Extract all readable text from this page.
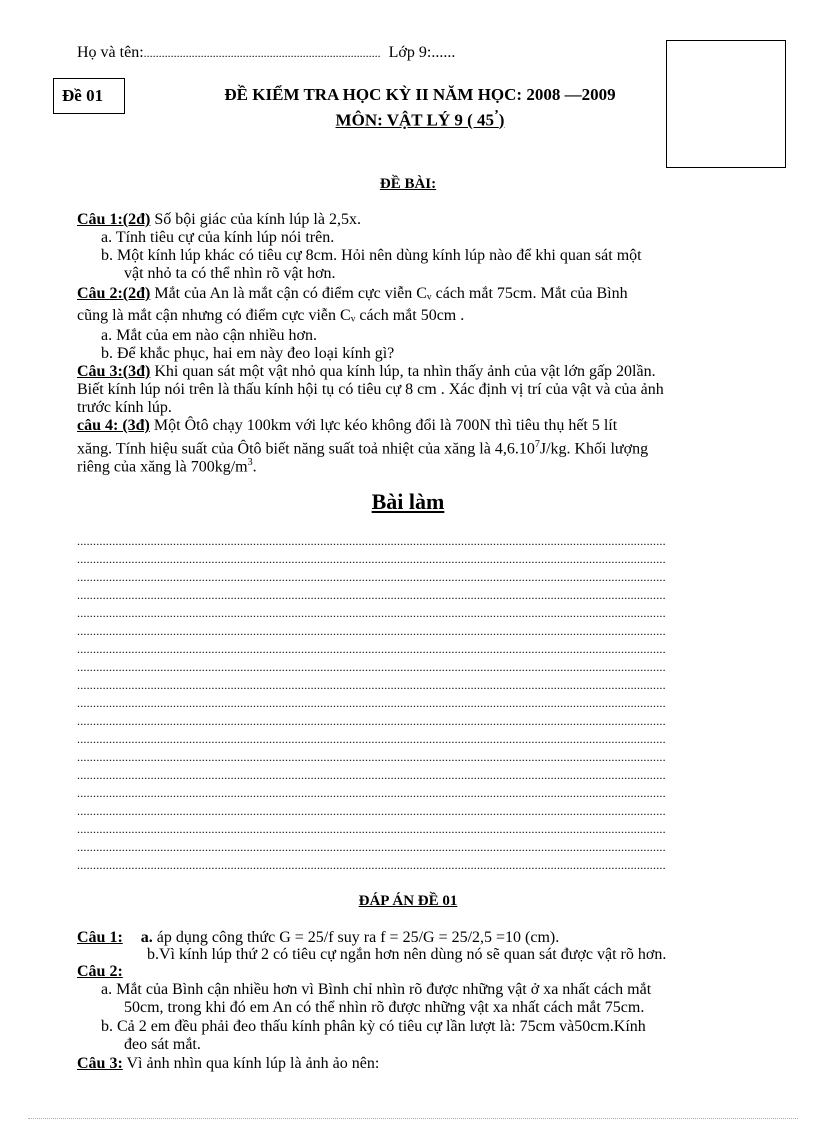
Họ và tên:............................................................................... Lớp 9:......
Đề 01	ĐỀ KIỂM TRA HỌC KỲ II NĂM HỌC: 2008 —2009
MÔN: VẬT LÝ 9 ( 45’)
ĐỀ BÀI:
Câu 1:(2đ) Số bội giác của kính lúp là 2,5x.
a. Tính tiêu cự của kính lúp nói trên.
b. Một kính lúp khác có tiêu cự 8cm. Hỏi nên dùng kính lúp nào để khi quan sát một
vật nhỏ ta có thể nhìn rõ vật hơn.
Câu 2:(2đ) Mắt của An là mắt cận có điểm cực viễn Cᵥ cách mắt 75cm. Mắt của Bình
cũng là mắt cận nhưng có điểm cực viễn Cᵥ cách mắt 50cm .
a. Mắt của em nào cận nhiều hơn.
b. Để khắc phục, hai em này đeo loại kính gì?
Câu 3:(3đ) Khi quan sát một vật nhỏ qua kính lúp, ta nhìn thấy ảnh của vật lớn gấp 20lần.
Biết kính lúp nói trên là thấu kính hội tụ có tiêu cự 8 cm . Xác định vị trí của vật và của ảnh
trước kính lúp.
câu 4: (3đ) Một Ôtô chạy 100km với lực kéo không đổi là 700N thì tiêu thụ hết 5 lít
xăng. Tính hiệu suất của Ôtô biết năng suất toả nhiệt của xăng là 4,6.10$^7$J/kg. Khối lượng
riêng của xăng là $700kg/m^3$.
Bài làm
........................................................................................................................................................................................
........................................................................................................................................................................................
........................................................................................................................................................................................
........................................................................................................................................................................................
........................................................................................................................................................................................
........................................................................................................................................................................................
........................................................................................................................................................................................
........................................................................................................................................................................................
........................................................................................................................................................................................
........................................................................................................................................................................................
........................................................................................................................................................................................
........................................................................................................................................................................................
........................................................................................................................................................................................
........................................................................................................................................................................................
........................................................................................................................................................................................
........................................................................................................................................................................................
........................................................................................................................................................................................
........................................................................................................................................................................................
........................................................................................................................................................................................
ĐÁP ÁN ĐỀ 01
Câu 1: a. áp dụng công thức G = 25/f suy ra f = 25/G = 25/2,5 =10 (cm).
b.Vì kính lúp thứ 2 có tiêu cự ngắn hơn nên dùng nó sẽ quan sát được vật rõ hơn.
Câu 2:
a. Mắt của Bình cận nhiều hơn vì Bình chỉ nhìn rõ được những vật ở xa nhất cách mắt
50cm, trong khi đó em An có thể nhìn rõ được những vật xa nhất cách mắt 75cm.
b. Cả 2 em đều phải đeo thấu kính phân kỳ có tiêu cự lần lượt là: 75cm và50cm.Kính
đeo sát mắt.
Câu 3: Vì ảnh nhìn qua kính lúp là ảnh ảo nên:
